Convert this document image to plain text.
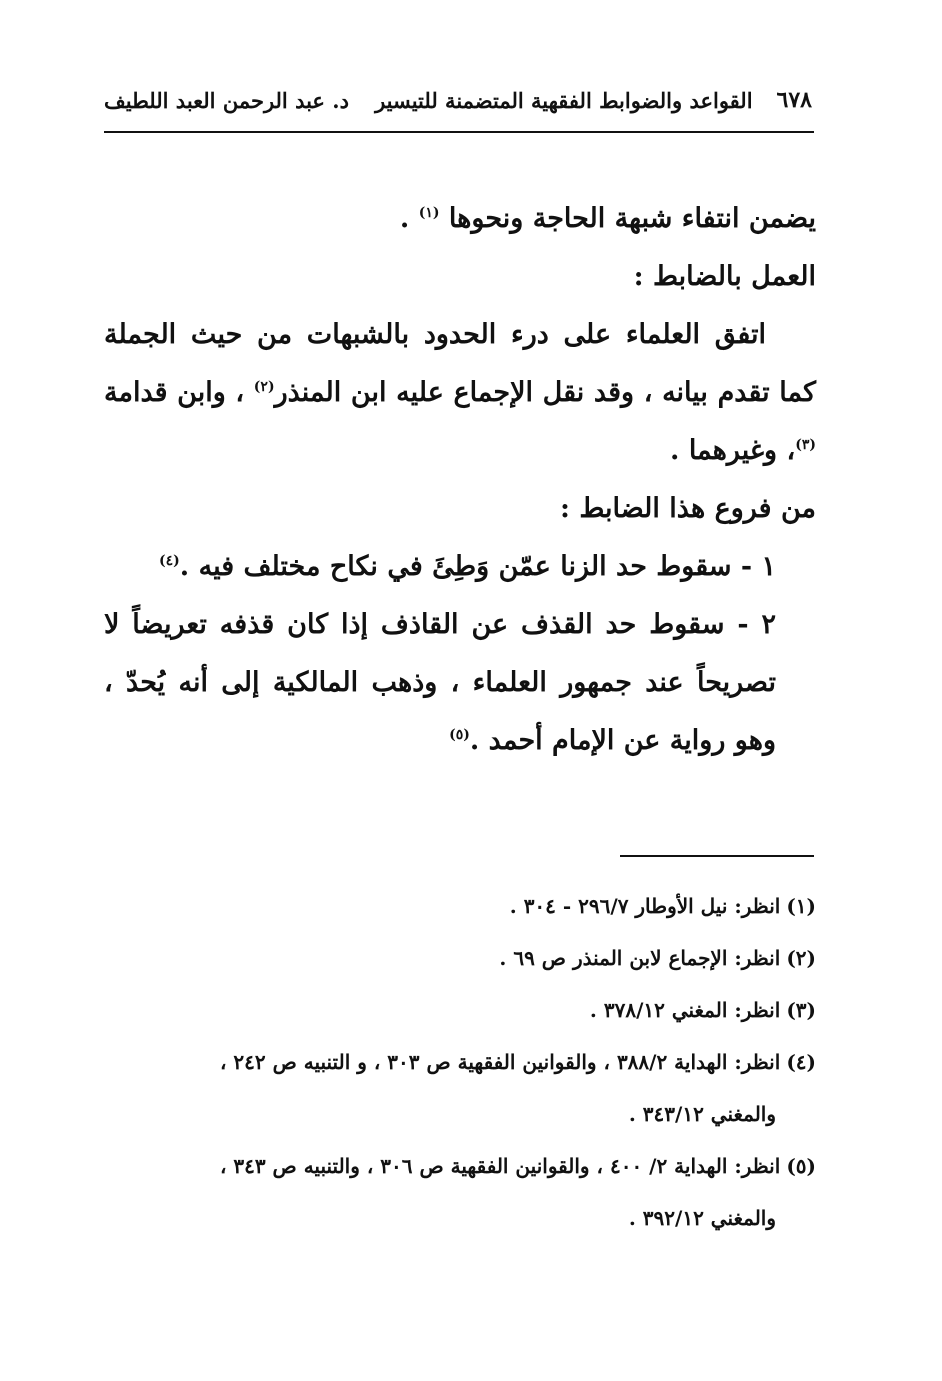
٦٧٨
القواعد والضوابط الفقهية المتضمنة للتيسير
د. عبد الرحمن العبد اللطيف

يضمن انتفاء شبهة الحاجة ونحوها $^{(١)}$ .

العمل بالضابط :

اتفق العلماء على درء الحدود بالشبهات من حيث الجملة كما تقدم بيانه ، وقد نقل الإجماع عليه ابن المنذر$^{(٢)}$ ، وابن قدامة $^{(٣)}$، وغيرهما .

من فروع هذا الضابط :

١ - سقوط حد الزنا عمّن وَطِئَ في نكاح مختلف فيه .$^{(٤)}$

٢ - سقوط حد القذف عن القاذف إذا كان قذفه تعريضاً لا تصريحاً عند جمهور العلماء ، وذهب المالكية إلى أنه يُحدّ ، وهو رواية عن الإمام أحمد .$^{(٥)}$

(١)انظر: نيل الأوطار ٢٩٦/٧ - ٣٠٤ .

(٢)انظر: الإجماع لابن المنذر ص ٦٩ .

(٣)انظر: المغني ٣٧٨/١٢ .

(٤)انظر: الهداية ٣٨٨/٢ ، والقوانين الفقهية ص ٣٠٣ ، و التنبيه ص ٢٤٢ ،

والمغني ٣٤٣/١٢ .

(٥)انظر: الهداية ٢/ ٤٠٠ ، والقوانين الفقهية ص ٣٠٦ ، والتنبيه ص ٣٤٣ ،

والمغني ٣٩٢/١٢ .
